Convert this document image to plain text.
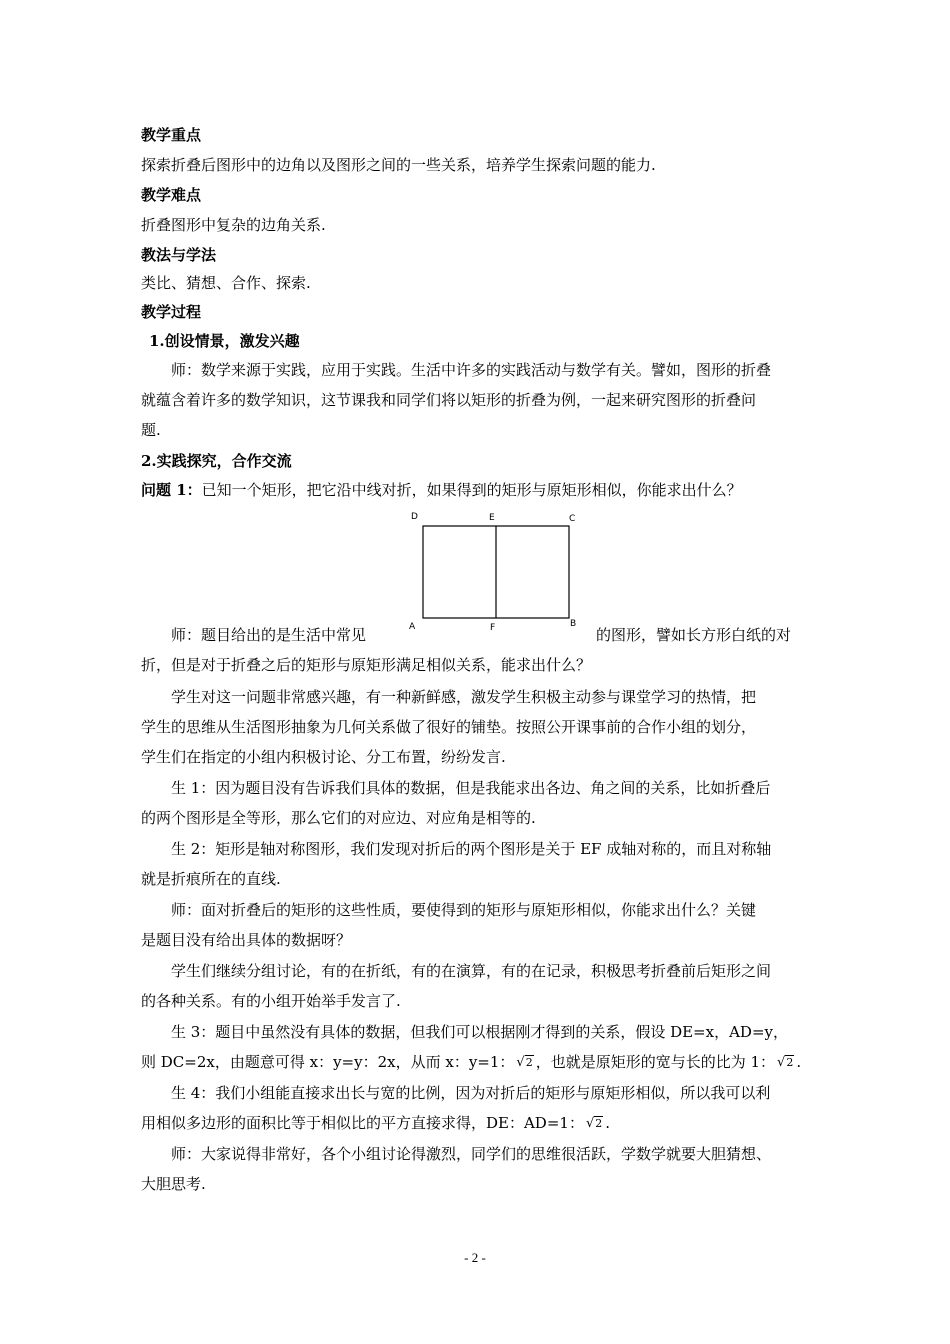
教学重点
探索折叠后图形中的边角以及图形之间的一些关系，培养学生探索问题的能力.
教学难点
折叠图形中复杂的边角关系.
教法与学法
类比、猜想、合作、探索.
教学过程
1.创设情景，激发兴趣
师：数学来源于实践，应用于实践。生活中许多的实践活动与数学有关。譬如，图形的折叠
就蕴含着许多的数学知识，这节课我和同学们将以矩形的折叠为例，一起来研究图形的折叠问
题.
2.实践探究，合作交流
问题 1：已知一个矩形，把它沿中线对折，如果得到的矩形与原矩形相似，你能求出什么？
师：题目给出的是生活中常见	的图形，譬如长方形白纸的对
折，但是对于折叠之后的矩形与原矩形满足相似关系，能求出什么？
学生对这一问题非常感兴趣，有一种新鲜感，激发学生积极主动参与课堂学习的热情，把
学生的思维从生活图形抽象为几何关系做了很好的铺垫。按照公开课事前的合作小组的划分，
学生们在指定的小组内积极讨论、分工布置，纷纷发言.
生 1：因为题目没有告诉我们具体的数据，但是我能求出各边、角之间的关系，比如折叠后
的两个图形是全等形，那么它们的对应边、对应角是相等的.
生 2：矩形是轴对称图形，我们发现对折后的两个图形是关于 EF 成轴对称的，而且对称轴
就是折痕所在的直线.
师：面对折叠后的矩形的这些性质，要使得到的矩形与原矩形相似，你能求出什么？关键
是题目没有给出具体的数据呀？
学生们继续分组讨论，有的在折纸，有的在演算，有的在记录，积极思考折叠前后矩形之间
的各种关系。有的小组开始举手发言了.
生 3：题目中虽然没有具体的数据，但我们可以根据刚才得到的关系，假设 DE=x，AD=y，
则 DC=2x，由题意可得 x：y=y：2x，从而 x：y=1： √2 ，也就是原矩形的宽与长的比为 1： √2 .
生 4：我们小组能直接求出长与宽的比例，因为对折后的矩形与原矩形相似，所以我可以利
用相似多边形的面积比等于相似比的平方直接求得，DE：AD=1： √2 .
师：大家说得非常好，各个小组讨论得激烈，同学们的思维很活跃，学数学就要大胆猜想、
大胆思考.
D	E	C
A	F	B
- 2 -
